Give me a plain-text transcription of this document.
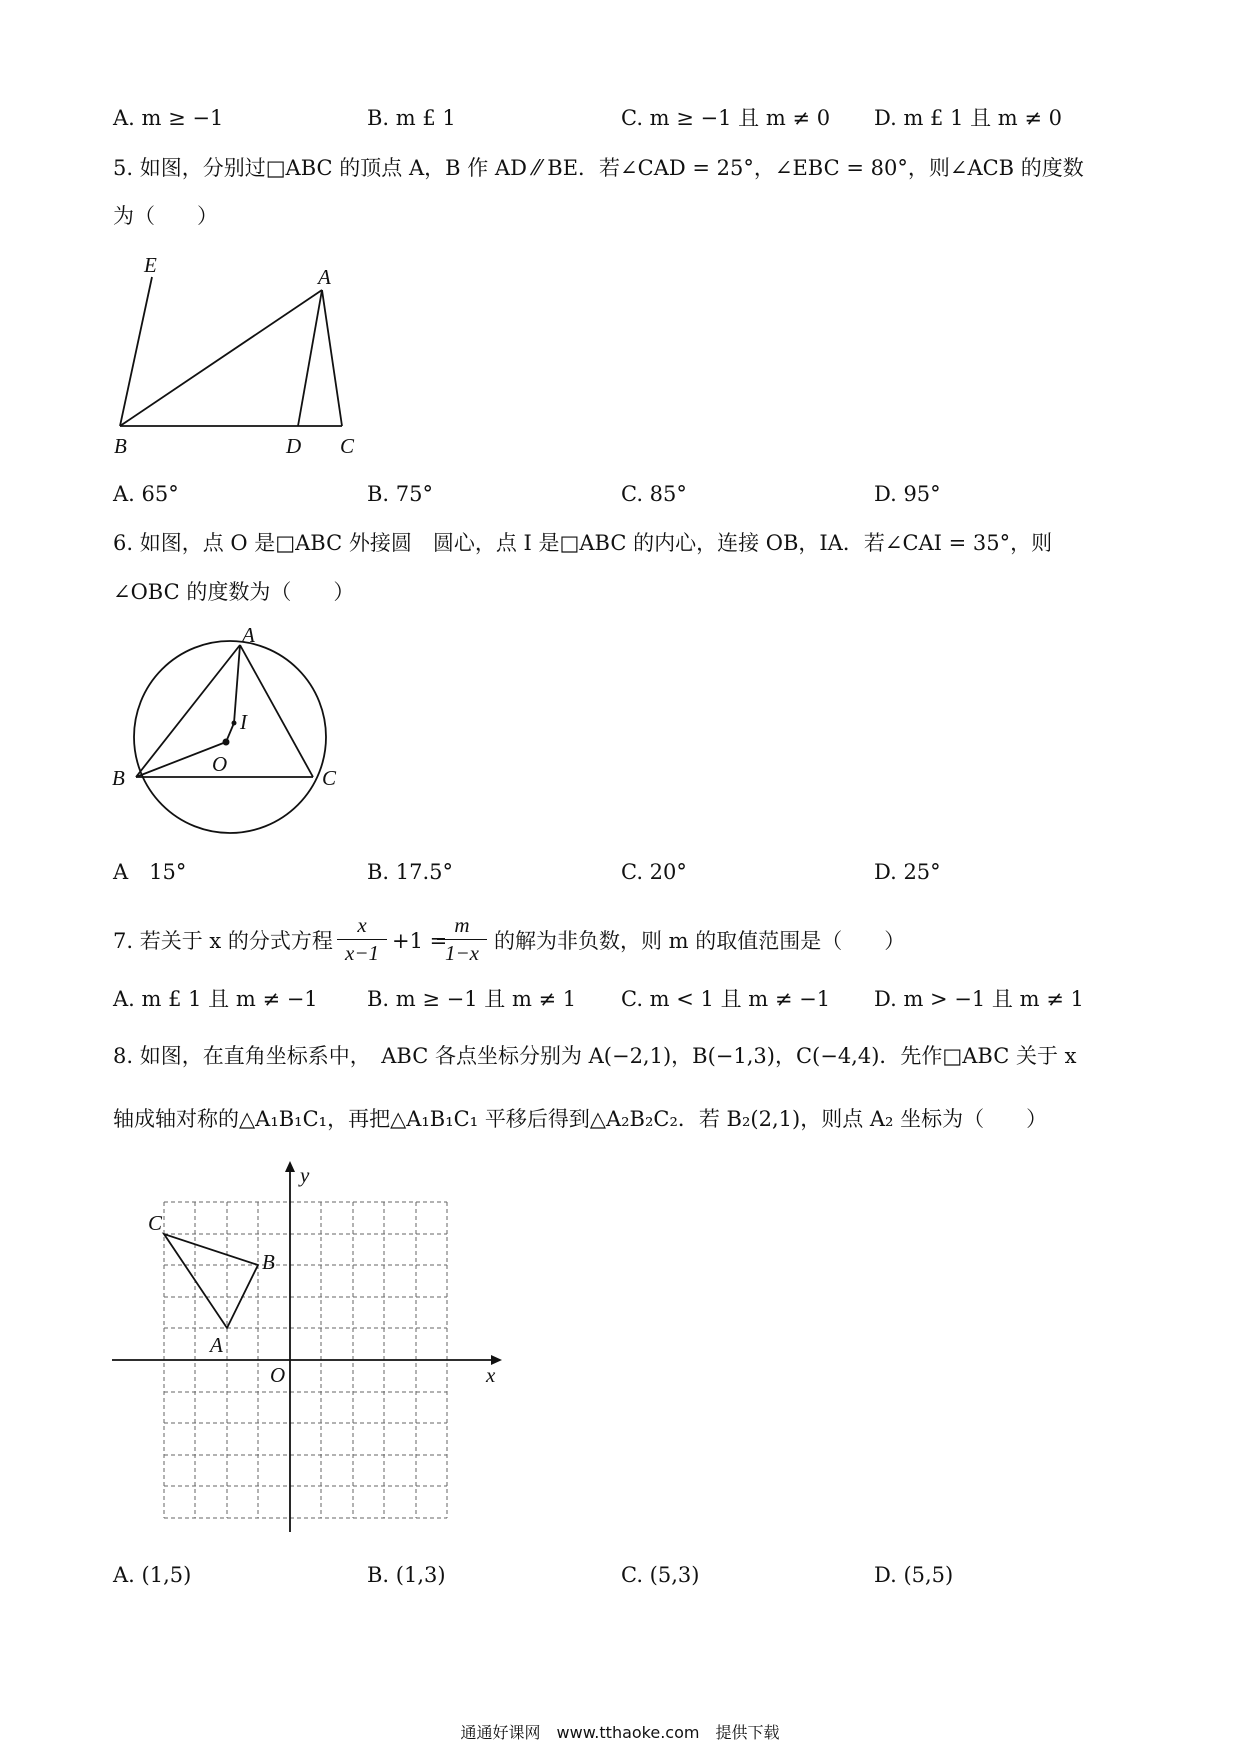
A. m ≥ −1	B. m £ 1	C. m ≥ −1 且 m ≠ 0 D. m £ 1 且 m ≠ 0
5. 如图，分别过□ABC 的顶点 A，B 作 AD ⁄⁄ BE．若∠CAD = 25°，∠EBC = 80°，则∠ACB 的度数
为（　　）
E	A
B	D C
A. 65°	B. 75°	C. 85°	D. 95°
6. 如图，点 O 是□ABC 外接圆　圆心，点 I 是□ABC 的内心，连接 OB，IA．若∠CAI = 35°，则
∠OBC 的度数为（　　）
A
I
O
B	C
A　15°	B. 17.5°	C. 20°	D. 25°
7. 若关于 x 的分式方程
x
x−1 +1 =
m
1−x 的解为非负数，则 m 的取值范围是（　　）
A. m £ 1 且 m ≠ −1 B. m ≥ −1 且 m ≠ 1 C. m < 1 且 m ≠ −1 D. m > −1 且 m ≠ 1
8. 如图，在直角坐标系中，　ABC 各点坐标分别为 A(−2,1)，B(−1,3)，C(−4,4)．先作□ABC 关于 x
轴成轴对称的△A₁B₁C₁，再把△A₁B₁C₁ 平移后得到△A₂B₂C₂．若 B₂(2,1)，则点 A₂ 坐标为（　　）
C
B
A
O	x
y
A. (1,5)	B. (1,3)	C. (5,3)	D. (5,5)
通通好课网　www.tthaoke.com　提供下载
